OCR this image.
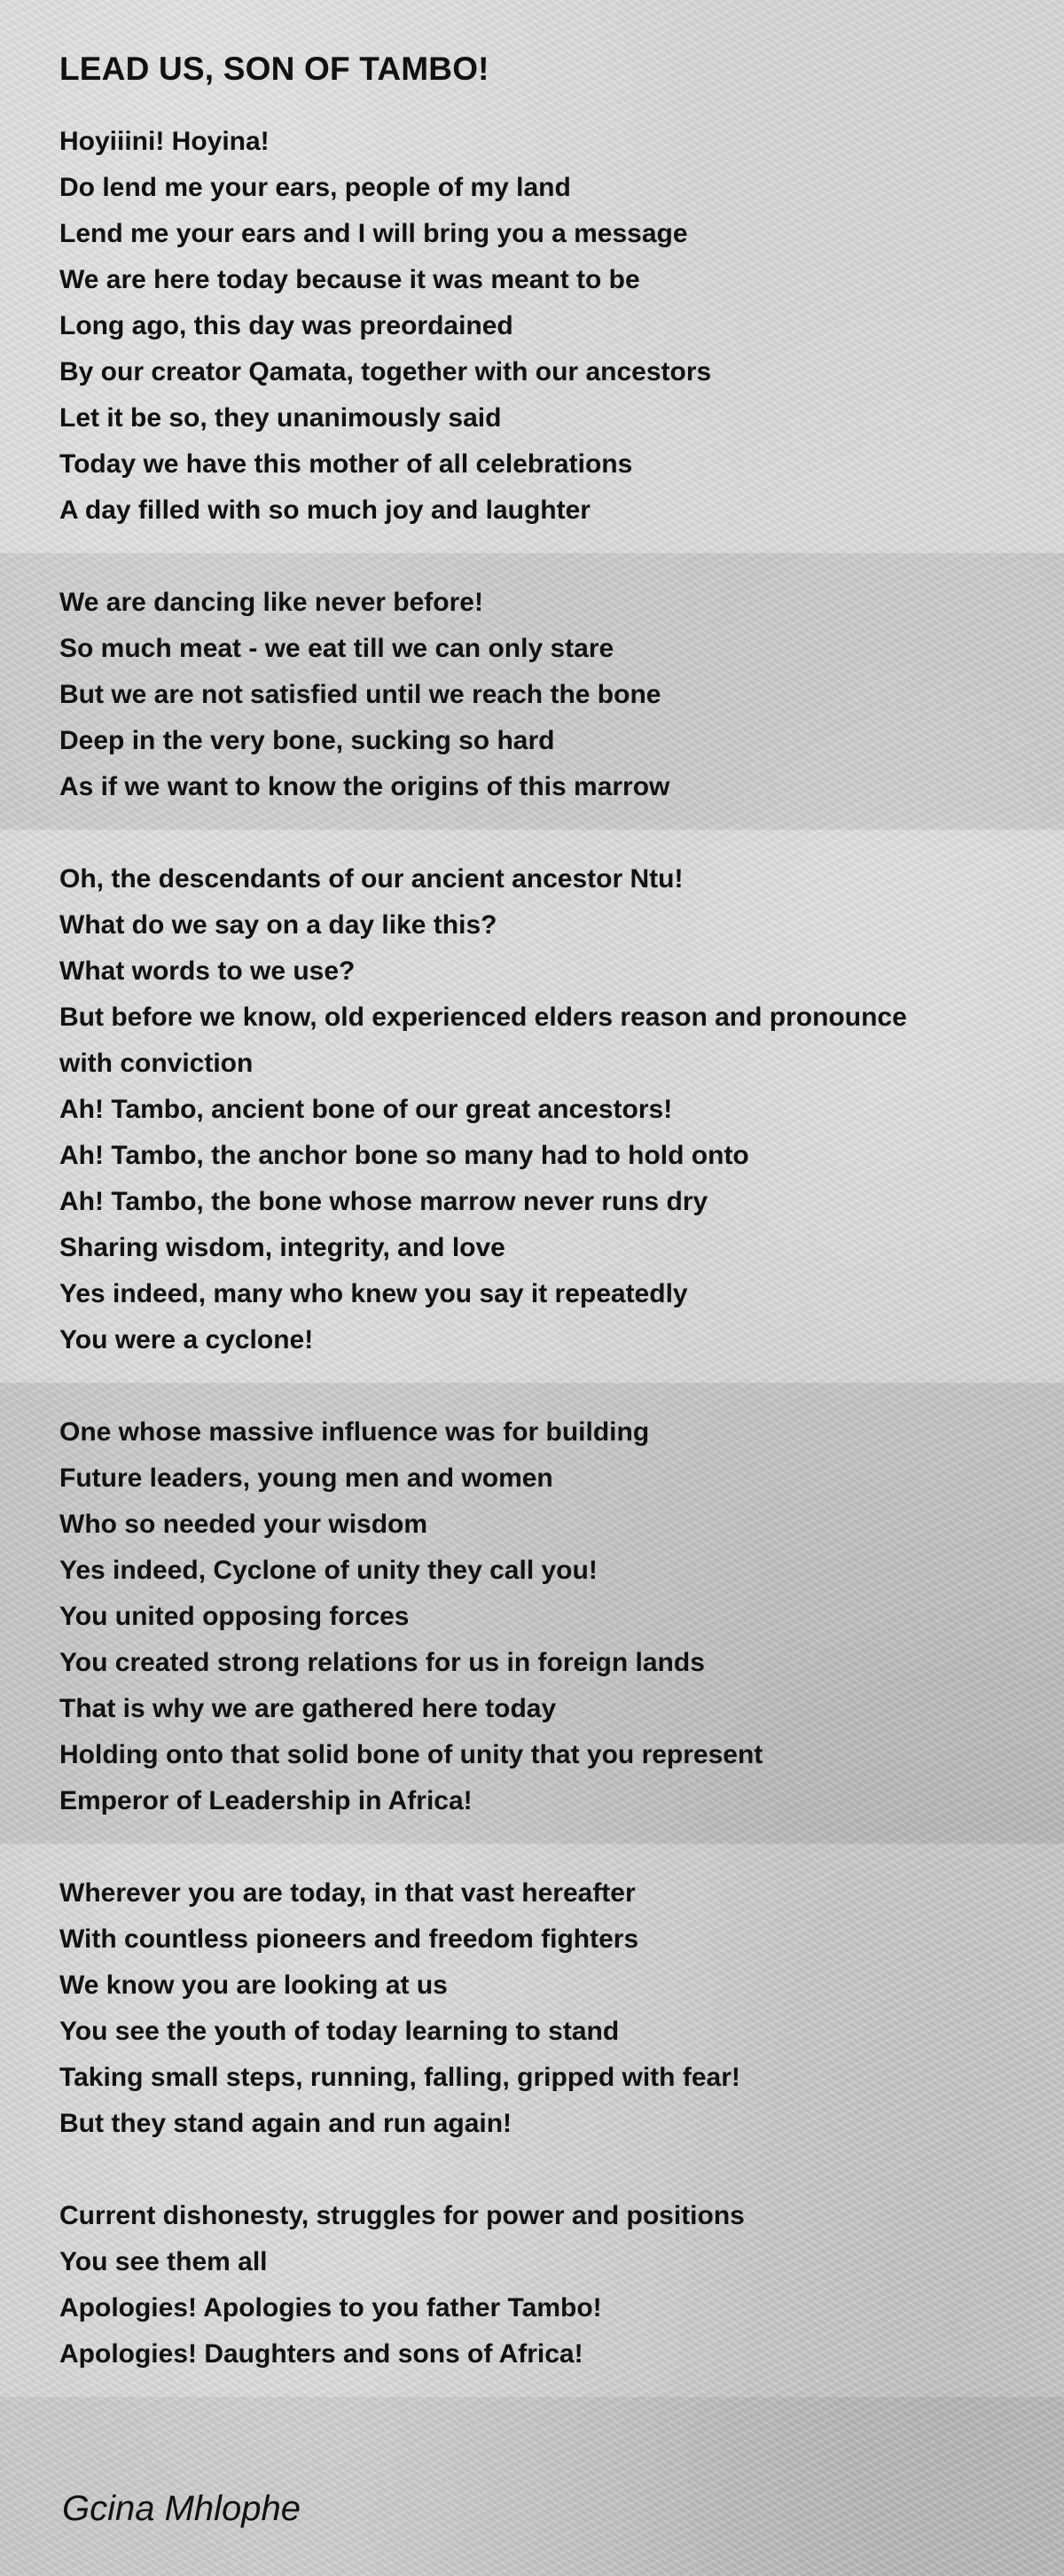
LEAD US, SON OF TAMBO!
Hoyiiini! Hoyina!
Do lend me your ears, people of my land
Lend me your ears and I will bring you a message
We are here today because it was meant to be
Long ago, this day was preordained
By our creator Qamata, together with our ancestors
Let it be so, they unanimously said
Today we have this mother of all celebrations
A day filled with so much joy and laughter
We are dancing like never before!
So much meat - we eat till we can only stare
But we are not satisfied until we reach the bone
Deep in the very bone, sucking so hard
As if we want to know the origins of this marrow
Oh, the descendants of our ancient ancestor Ntu!
What do we say on a day like this?
What words to we use?
But before we know, old experienced elders reason and pronounce
with conviction
Ah! Tambo, ancient bone of our great ancestors!
Ah! Tambo, the anchor bone so many had to hold onto
Ah! Tambo, the bone whose marrow never runs dry
Sharing wisdom, integrity, and love
Yes indeed, many who knew you say it repeatedly
You were a cyclone!
One whose massive influence was for building
Future leaders, young men and women
Who so needed your wisdom
Yes indeed, Cyclone of unity they call you!
You united opposing forces
You created strong relations for us in foreign lands
That is why we are gathered here today
Holding onto that solid bone of unity that you represent
Emperor of Leadership in Africa!
Wherever you are today, in that vast hereafter
With countless pioneers and freedom fighters
We know you are looking at us
You see the youth of today learning to stand
Taking small steps, running, falling, gripped with fear!
But they stand again and run again!
Current dishonesty, struggles for power and positions
You see them all
Apologies! Apologies to you father Tambo!
Apologies! Daughters and sons of Africa!
Gcina Mhlophe
